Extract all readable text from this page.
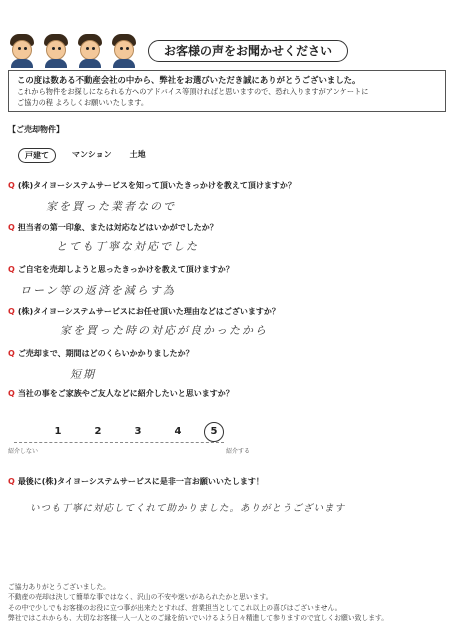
お客様の声をお聞かせください
この度は数ある不動産会社の中から、弊社をお選びいただき誠にありがとうございました。
これから物件をお探しになられる方へのアドバイス等頂ければと思いますので、恐れ入りますがアンケートに
ご協力の程 よろしくお願いいたします。
【ご売却物件】
戸建て	マンション 土地
Q (株)タイヨーシステムサービスを知って頂いたきっかけを教えて頂けますか？
家を買った業者なので
Q 担当者の第一印象、または対応などはいかがでしたか？
とても丁寧な対応でした
Q ご自宅を売却しようと思ったきっかけを教えて頂けますか？
ローン等の返済を減らす為
Q (株)タイヨーシステムサービスにお任せ頂いた理由などはございますか？
家を買った時の対応が良かったから
Q ご売却まで、期間はどのくらいかかりましたか？
短期
Q 当社の事をご家族やご友人などに紹介したいと思いますか？
紹介しない
1	2	3	4	5
紹介する
Q 最後に(株)タイヨーシステムサービスに是非一言お願いいたします！
いつも丁寧に対応してくれて助かりました。ありがとうございます
ご協力ありがとうございました。
不動産の売却は決して簡単な事ではなく、沢山の不安や迷いがあられたかと思います。
その中で少しでもお客様のお役に立つ事が出来たとすれば、営業担当としてこれ以上の喜びはございません。
弊社ではこれからも、大切なお客様一人一人とのご縁を紡いでいけるよう日々精進して参りますので宜しくお願い致します。
